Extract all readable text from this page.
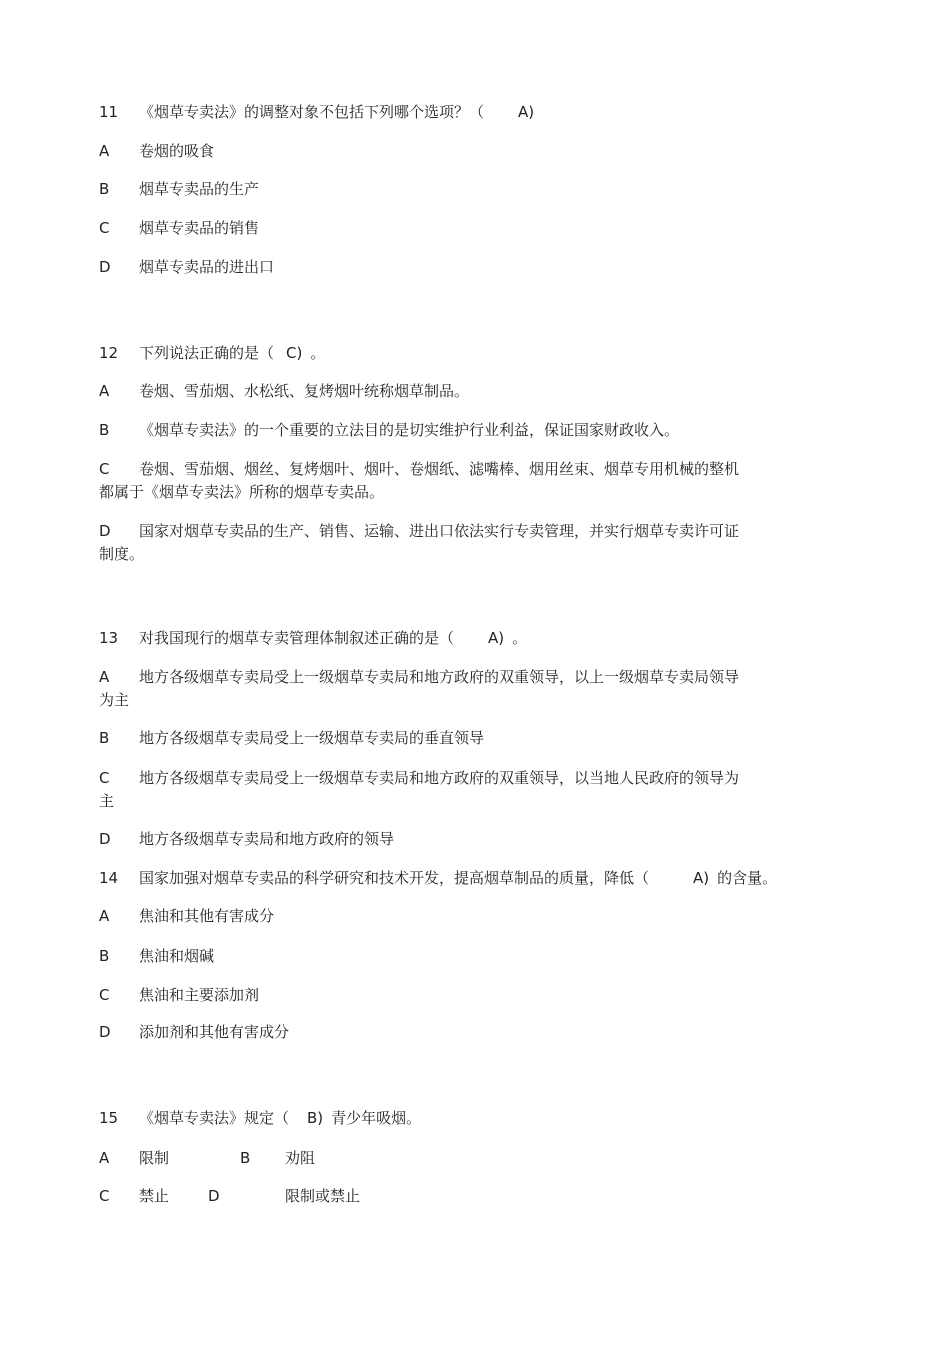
11 《烟草专卖法》的调整对象不包括下列哪个选项？（ A)
A 卷烟的吸食
B 烟草专卖品的生产
C 烟草专卖品的销售
D 烟草专卖品的进出口
12 下列说法正确的是（ C) 。
A 卷烟、雪茄烟、水松纸、复烤烟叶统称烟草制品。
B 《烟草专卖法》的一个重要的立法目的是切实维护行业利益，保证国家财政收入。
C 卷烟、雪茄烟、烟丝、复烤烟叶、烟叶、卷烟纸、滤嘴棒、烟用丝束、烟草专用机械的整机
都属于《烟草专卖法》所称的烟草专卖品。
D 国家对烟草专卖品的生产、销售、运输、进出口依法实行专卖管理，并实行烟草专卖许可证
制度。
13 对我国现行的烟草专卖管理体制叙述正确的是（ A) 。
A 地方各级烟草专卖局受上一级烟草专卖局和地方政府的双重领导，以上一级烟草专卖局领导
为主
B 地方各级烟草专卖局受上一级烟草专卖局的垂直领导
C 地方各级烟草专卖局受上一级烟草专卖局和地方政府的双重领导，以当地人民政府的领导为
主
D 地方各级烟草专卖局和地方政府的领导
14 国家加强对烟草专卖品的科学研究和技术开发，提高烟草制品的质量，降低（	A) 的含量。
A 焦油和其他有害成分
B 焦油和烟碱
C 焦油和主要添加剂
D 添加剂和其他有害成分
15 《烟草专卖法》规定（ B) 青少年吸烟。
A 限制	B 劝阻
C 禁止	D	限制或禁止
